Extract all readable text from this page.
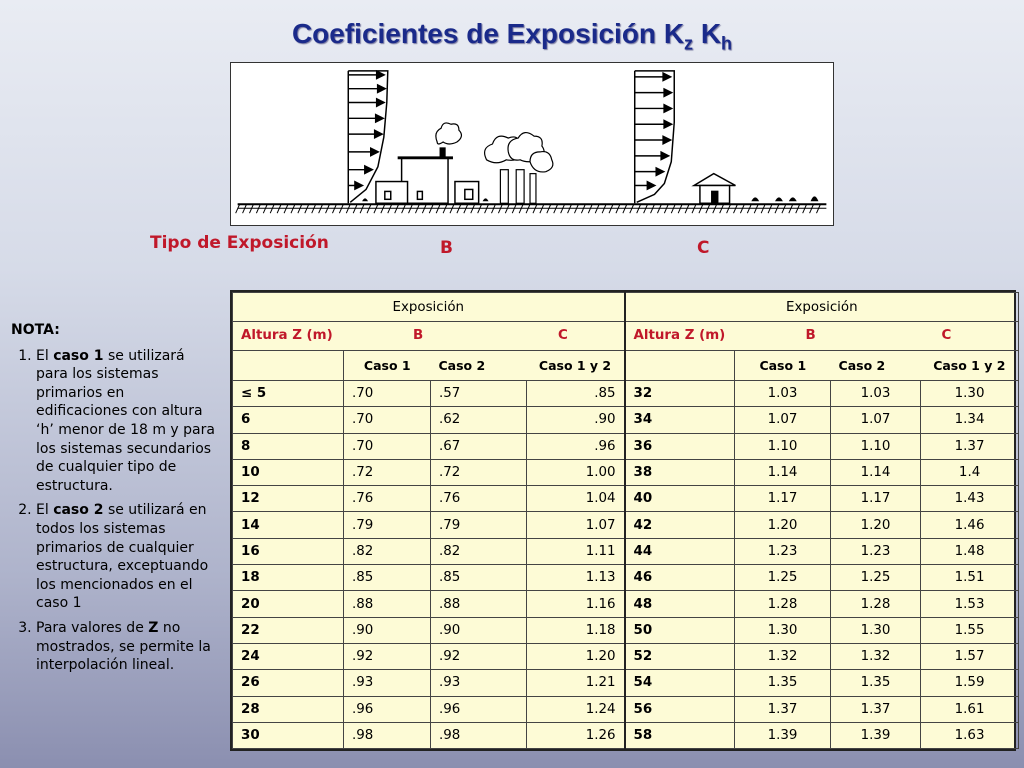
Coeficientes de Exposición $K_z$ $K_h$
Tipo de Exposición	B	C
NOTA :
1. El caso 1 se utilizará para los sistemas primarios en edificaciones con altura ‘h’ menor de 18 m y para los sistemas secundarios de cualquier tipo de estructura.
2. El caso 2 se utilizará en todos los sistemas primarios de cualquier estructura, exceptuando los mencionados en el caso 1
3. Para valores de Z no mostrados, se permite la interpolación lineal.
Exposición				Exposición			

Altura Z (m) B C				Altura Z (m) B C			

	Caso 1	Caso 2	Caso 1 y 2		Caso 1	Caso 2	Caso 1 y 2
≤ 5	.70	.57	.85	32	1.03	1.03	1.30
6	.70	.62	.90	34	1.07	1.07	1.34
8	.70	.67	.96	36	1.10	1.10	1.37
10	.72	.72	1.00	38	1.14	1.14	1.4
12	.76	.76	1.04	40	1.17	1.17	1.43
14	.79	.79	1.07	42	1.20	1.20	1.46
16	.82	.82	1.11	44	1.23	1.23	1.48
18	.85	.85	1.13	46	1.25	1.25	1.51
20	.88	.88	1.16	48	1.28	1.28	1.53
22	.90	.90	1.18	50	1.30	1.30	1.55
24	.92	.92	1.20	52	1.32	1.32	1.57
26	.93	.93	1.21	54	1.35	1.35	1.59
28	.96	.96	1.24	56	1.37	1.37	1.61
30	.98	.98	1.26	58	1.39	1.39	1.63
